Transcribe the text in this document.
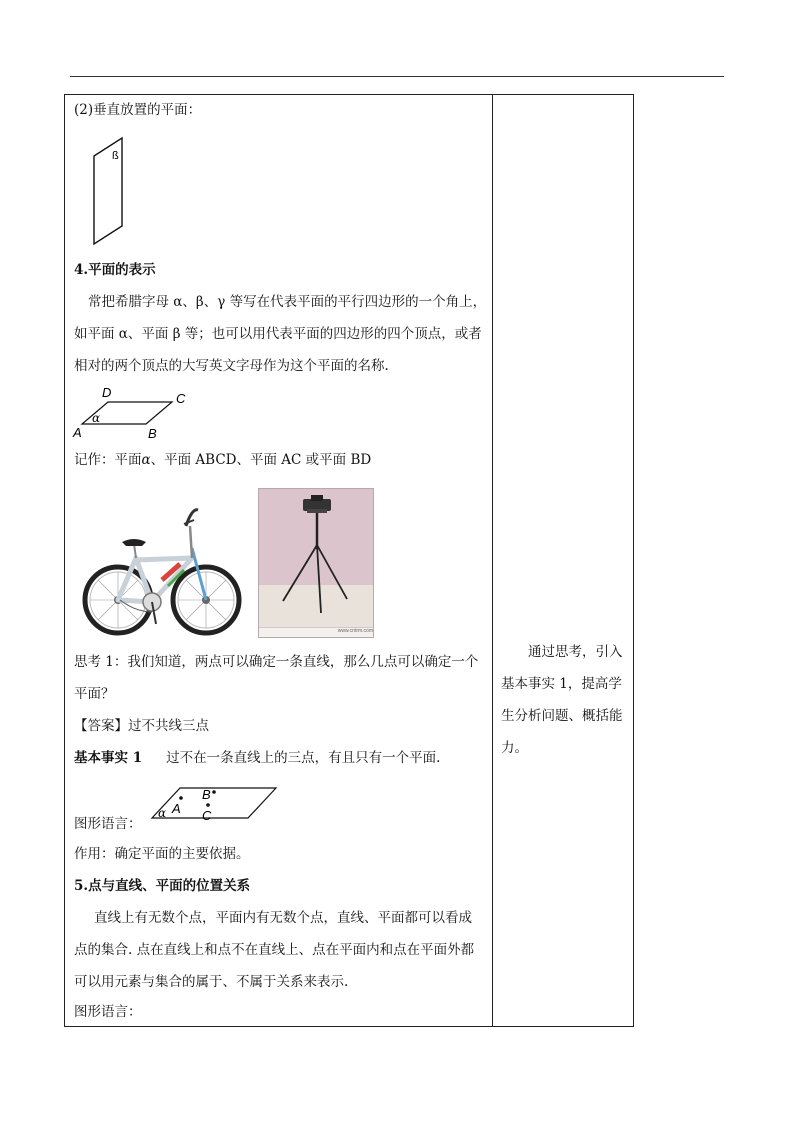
(2)垂直放置的平面：
ß
4.平面的表示
常把希腊字母 α、β、γ 等写在代表平面的平行四边形的一个角上，
如平面 α、平面 β 等；也可以用代表平面的四边形的四个顶点，或者
相对的两个顶点的大写英文字母作为这个平面的名称.
A	B
C
D
α
记作：平面α、平面 ABCD、平面 AC 或平面 BD
www.cntrm.com
思考 1：我们知道，两点可以确定一条直线，那么几点可以确定一个
平面？
【答案】过不共线三点
基本事实 1 过不在一条直线上的三点，有且只有一个平面.
A
B
C
α
图形语言：
作用：确定平面的主要依据。
5.点与直线、平面的位置关系
直线上有无数个点，平面内有无数个点，直线、平面都可以看成
点的集合. 点在直线上和点不在直线上、点在平面内和点在平面外都
可以用元素与集合的属于、不属于关系来表示.
图形语言：
通过思考，引入
基本事实 1，提高学
生分析问题、概括能
力。
